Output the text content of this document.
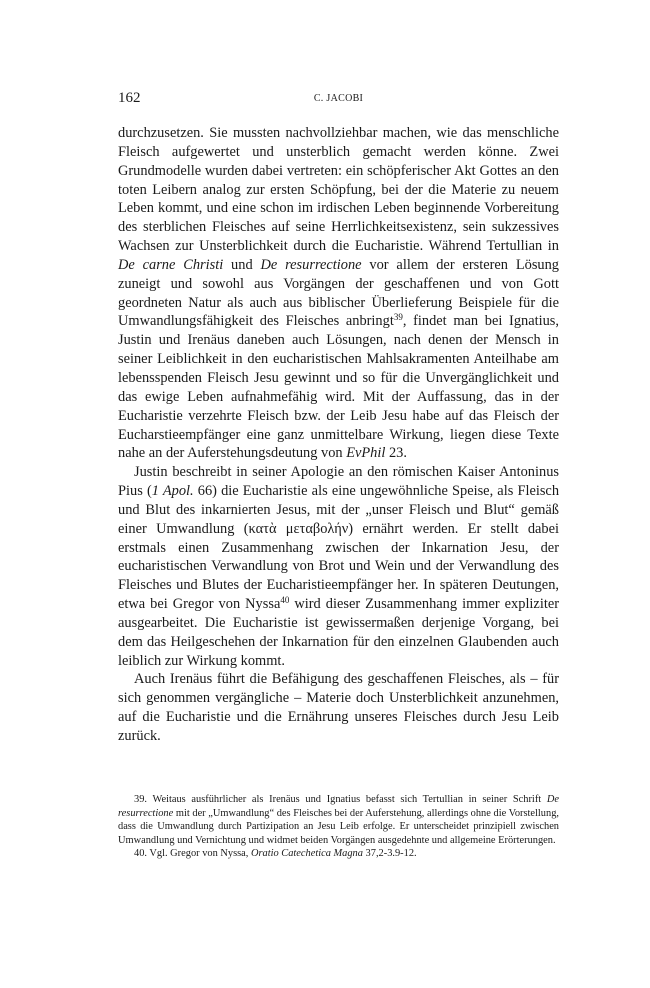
162	C. JACOBI

durchzusetzen. Sie mussten nachvollziehbar machen, wie das menschliche Fleisch aufgewertet und unsterblich gemacht werden könne. Zwei Grundmodelle wurden dabei vertreten: ein schöpferischer Akt Gottes an den toten Leibern analog zur ersten Schöpfung, bei der die Materie zu neuem Leben kommt, und eine schon im irdischen Leben beginnende Vorbereitung des sterblichen Fleisches auf seine Herrlichkeitsexistenz, sein sukzessives Wachsen zur Unsterblichkeit durch die Eucharistie. Während Tertullian in De carne Christi und De resurrectione vor allem der ersteren Lösung zuneigt und sowohl aus Vorgängen der geschaffenen und von Gott geordneten Natur als auch aus biblischer Überlieferung Beispiele für die Umwandlungsfähigkeit des Fleisches anbringt$^{39}$, findet man bei Ignatius, Justin und Irenäus daneben auch Lösungen, nach denen der Mensch in seiner Leiblichkeit in den eucharistischen Mahlsakramenten Anteilhabe am lebensspenden Fleisch Jesu gewinnt und so für die Unvergänglichkeit und das ewige Leben aufnahmefähig wird. Mit der Auffassung, das in der Eucharistie verzehrte Fleisch bzw. der Leib Jesu habe auf das Fleisch der Eucharstieempfänger eine ganz unmittelbare Wirkung, liegen diese Texte nahe an der Auferstehungsdeutung von EvPhil 23.

Justin beschreibt in seiner Apologie an den römischen Kaiser Antoninus Pius (1 Apol. 66) die Eucharistie als eine ungewöhnliche Speise, als Fleisch und Blut des inkarnierten Jesus, mit der „unser Fleisch und Blut“ gemäß einer Umwandlung (κατὰ μεταβολήν) ernährt werden. Er stellt dabei erstmals einen Zusammenhang zwischen der Inkarnation Jesu, der eucharistischen Verwandlung von Brot und Wein und der Verwandlung des Fleisches und Blutes der Eucharistieempfänger her. In späteren Deutungen, etwa bei Gregor von Nyssa$^{40}$ wird dieser Zusammenhang immer expliziter ausgearbeitet. Die Eucharistie ist gewissermaßen derjenige Vorgang, bei dem das Heilgeschehen der Inkarnation für den einzelnen Glaubenden auch leiblich zur Wirkung kommt.

Auch Irenäus führt die Befähigung des geschaffenen Fleisches, als – für sich genommen vergängliche – Materie doch Unsterblichkeit anzunehmen, auf die Eucharistie und die Ernährung unseres Fleisches durch Jesu Leib zurück.

39. Weitaus ausführlicher als Irenäus und Ignatius befasst sich Tertullian in seiner Schrift De resurrectione mit der „Umwandlung“ des Fleisches bei der Auferstehung, allerdings ohne die Vorstellung, dass die Umwandlung durch Partizipation an Jesu Leib erfolge. Er unterscheidet prinzipiell zwischen Umwandlung und Vernichtung und widmet beiden Vorgängen ausgedehnte und allgemeine Erörterungen.

40. Vgl. Gregor von Nyssa, Oratio Catechetica Magna 37,2-3.9-12.
